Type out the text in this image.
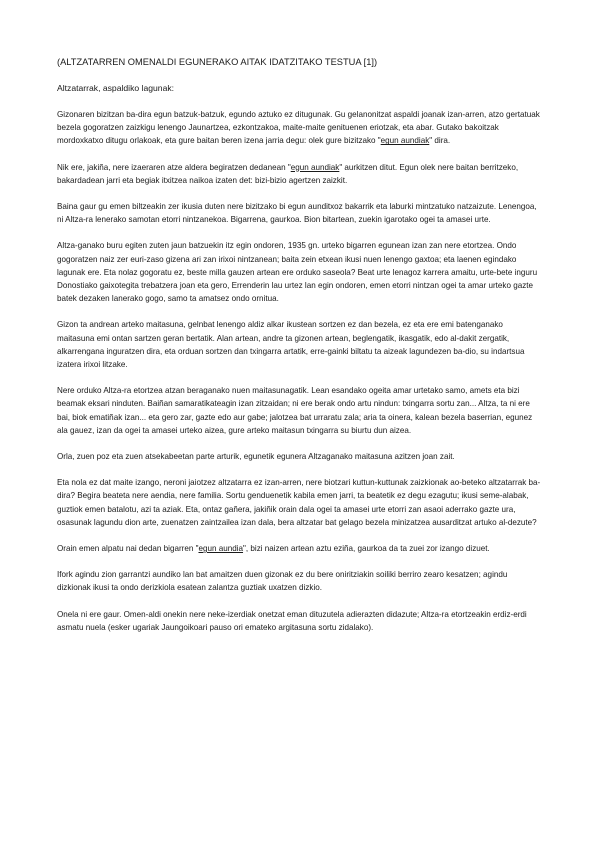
(ALTZATARREN OMENALDI EGUNERAKO AITAK IDATZITAKO TESTUA [1])

Altzatarrak, aspaldiko lagunak:

Gizonaren bizitzan ba-dira egun batzuk-batzuk, egundo aztuko ez ditugunak. Gu gelanonitzat aspaldi joanak izan-arren, atzo gertatuak bezela gogoratzen zaizkigu lenengo Jaunartzea, ezkontzakoa, maite-maite genituenen eriotzak, eta abar. Gutako bakoitzak mordoxkatxo ditugu orlakoak, eta gure baitan beren izena jarria degu: olek gure bizitzako "egun aundiak" dira.

Nik ere, jakiña, nere izaeraren atze aldera begiratzen dedanean "egun aundiak" aurkitzen ditut. Egun olek nere baitan berritzeko, bakardadean jarri eta begiak itxitzea naikoa izaten det: bizi-bizio agertzen zaizkit.

Baina gaur gu emen biltzeakin zer ikusia duten nere bizitzako bi egun aunditxoz bakarrik eta laburki mintzatuko natzaizute. Lenengoa, ni Altza-ra lenerako samotan etorri nintzanekoa. Bigarrena, gaurkoa. Bion bitartean, zuekin igarotako ogei ta amasei urte.

Altza-ganako buru egiten zuten jaun batzuekin itz egin ondoren, 1935 gn. urteko bigarren egunean izan zan nere etortzea. Ondo gogoratzen naiz zer euri-zaso gizena ari zan irixoi nintzanean; baita zein etxean ikusi nuen lenengo gaxtoa; eta laenen egindako lagunak ere. Eta nolaz gogoratu ez, beste milla gauzen artean ere orduko saseola? Beat urte lenagoz karrera amaitu, urte-bete inguru Donostiako gaixotegita trebatzera joan eta gero, Errenderin lau urtez lan egin ondoren, emen etorri nintzan ogei ta amar urteko gazte batek dezaken lanerako gogo, samo ta amatsez ondo ornitua.

Gizon ta andrean arteko maitasuna, gelnbat lenengo aldiz alkar ikustean sortzen ez dan bezela, ez eta ere emi batenganako maitasuna emi ontan sartzen geran bertatik. Alan artean, andre ta gizonen artean, beglengatik, ikasgatik, edo al-dakit zergatik, alkarrengana inguratzen dira, eta orduan sortzen dan txingarra artatik, erre-gainki biltatu ta aizeak lagundezen ba-dio, su indartsua izatera irixoi litzake.

Nere orduko Altza-ra etortzea atzan beraganako nuen maitasunagatik. Lean esandako ogeita amar urtetako samo, amets eta bizi beamak eksari ninduten. Baiñan samaratikateagin izan zitzaidan; ni ere berak ondo artu nindun: txingarra sortu zan... Altza, ta ni ere bai, biok ematiñak izan... eta gero zar, gazte edo aur gabe; jalotzea bat urraratu zala; aria ta oinera, kalean bezela baserrian, egunez ala gauez, izan da ogei ta amasei urteko aizea, gure arteko maitasun txingarra su biurtu dun aizea.

Orla, zuen poz eta zuen atsekabeetan parte arturik, egunetik egunera Altzaganako maitasuna azitzen joan zait.

Eta nola ez dat maite izango, neroni jaiotzez altzatarra ez izan-arren, nere biotzari kuttun-kuttunak zaizkionak ao-beteko altzatarrak ba-dira? Begira beateta nere aendia, nere familia. Sortu genduenetik kabila emen jarri, ta beatetik ez degu ezagutu; ikusi seme-alabak, guztiok emen batalotu, azi ta aziak. Eta, ontaz gañera, jakiñik orain dala ogei ta amasei urte etorri zan asaoi aderrako gazte ura, osasunak lagundu dion arte, zuenatzen zaintzailea izan dala, bera altzatar bat gelago bezela minizatzea ausarditzat artuko al-dezute?

Orain emen alpatu nai dedan bigarren "egun aundia", bizi naizen artean aztu eziña, gaurkoa da ta zuei zor izango dizuet.

Ifork agindu zion garrantzi aundiko lan bat amaitzen duen gizonak ez du bere oniritziakin soiliki berriro zearo kesatzen; agindu dizkionak ikusi ta ondo derizkiola esatean zalantza guztiak uxatzen dizkio.

Onela ni ere gaur. Omen-aldi onekin nere neke-izerdiak onetzat eman dituzutela adierazten didazute; Altza-ra etortzeakin erdiz-erdi asmatu nuela (esker ugariak Jaungoikoari pauso ori emateko argitasuna sortu zidalako).
